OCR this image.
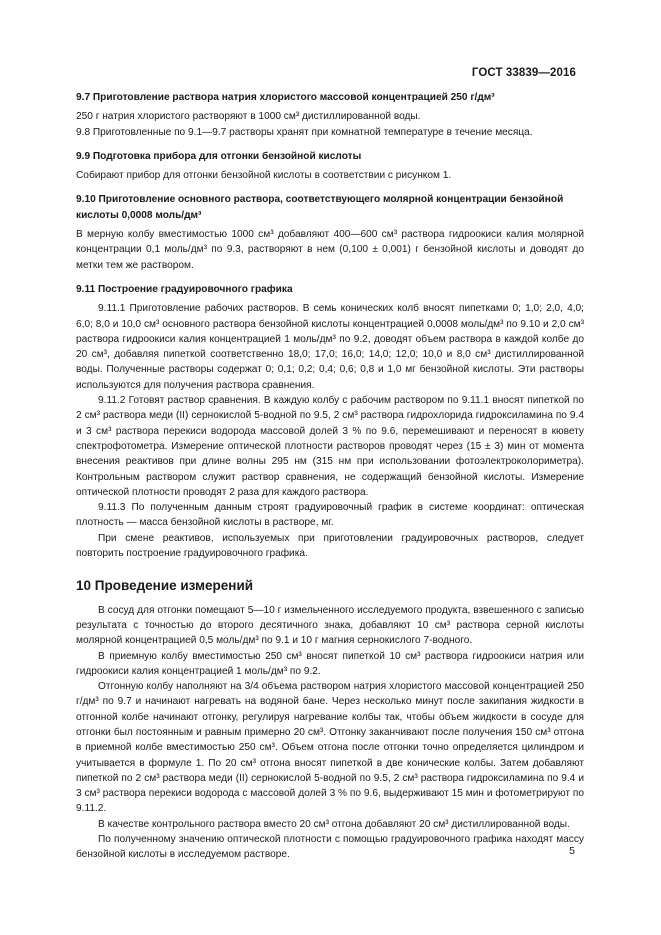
ГОСТ 33839—2016

9.7 Приготовление раствора натрия хлористого массовой концентрацией 250 г/дм³

250 г натрия хлористого растворяют в 1000 см³ дистиллированной воды.

9.8 Приготовленные по 9.1—9.7 растворы хранят при комнатной температуре в течение месяца.

9.9 Подготовка прибора для отгонки бензойной кислоты

Собирают прибор для отгонки бензойной кислоты в соответствии с рисунком 1.

9.10 Приготовление основного раствора, соответствующего молярной концентрации бензойной кислоты 0,0008 моль/дм³

В мерную колбу вместимостью 1000 см³ добавляют 400—600 см³ раствора гидроокиси калия молярной концентрации 0,1 моль/дм³ по 9.3, растворяют в нем (0,100 ± 0,001) г бензойной кислоты и доводят до метки тем же раствором.

9.11 Построение градуировочного графика

9.11.1 Приготовление рабочих растворов. В семь конических колб вносят пипетками 0; 1,0; 2,0, 4,0; 6,0; 8,0 и 10,0 см³ основного раствора бензойной кислоты концентрацией 0,0008 моль/дм³ по 9.10 и 2,0 см³ раствора гидроокиси калия концентрацией 1 моль/дм³ по 9.2, доводят объем раствора в каждой колбе до 20 см³, добавляя пипеткой соответственно 18,0; 17,0; 16,0; 14,0; 12,0; 10,0 и 8,0 см³ дистиллированной воды. Полученные растворы содержат 0; 0,1; 0,2; 0,4; 0,6; 0,8 и 1,0 мг бензойной кислоты. Эти растворы используются для получения раствора сравнения.

9.11.2 Готовят раствор сравнения. В каждую колбу с рабочим раствором по 9.11.1 вносят пипеткой по 2 см³ раствора меди (II) сернокислой 5-водной по 9.5, 2 см³ раствора гидрохлорида гидроксиламина по 9.4 и 3 см³ раствора перекиси водорода массовой долей 3 % по 9.6, перемешивают и переносят в кювету спектрофотометра. Измерение оптической плотности растворов проводят через (15 ± 3) мин от момента внесения реактивов при длине волны 295 нм (315 нм при использовании фотоэлектроколориметра). Контрольным раствором служит раствор сравнения, не содержащий бензойной кислоты. Измерение оптической плотности проводят 2 раза для каждого раствора.

9.11.3 По полученным данным строят градуировочный график в системе координат: оптическая плотность — масса бензойной кислоты в растворе, мг.

При смене реактивов, используемых при приготовлении градуировочных растворов, следует повторить построение градуировочного графика.

10 Проведение измерений

В сосуд для отгонки помещают 5—10 г измельченного исследуемого продукта, взвешенного с записью результата с точностью до второго десятичного знака, добавляют 10 см³ раствора серной кислоты молярной концентрацией 0,5 моль/дм³ по 9.1 и 10 г магния сернокислого 7-водного.

В приемную колбу вместимостью 250 см³ вносят пипеткой 10 см³ раствора гидроокиси натрия или гидроокиси калия концентрацией 1 моль/дм³ по 9.2.

Отгонную колбу наполняют на 3/4 объема раствором натрия хлористого массовой концентрацией 250 г/дм³ по 9.7 и начинают нагревать на водяной бане. Через несколько минут после закипания жидкости в отгонной колбе начинают отгонку, регулируя нагревание колбы так, чтобы объем жидкости в сосуде для отгонки был постоянным и равным примерно 20 см³. Отгонку заканчивают после получения 150 см³ отгона в приемной колбе вместимостью 250 см³. Объем отгона после отгонки точно определяется цилиндром и учитывается в формуле 1. По 20 см³ отгона вносят пипеткой в две конические колбы. Затем добавляют пипеткой по 2 см³ раствора меди (II) сернокислой 5-водной по 9.5, 2 см³ раствора гидроксиламина по 9.4 и 3 см³ раствора перекиси водорода с массовой долей 3 % по 9.6, выдерживают 15 мин и фотометрируют по 9.11.2.

В качестве контрольного раствора вместо 20 см³ отгона добавляют 20 см³ дистиллированной воды.

По полученному значению оптической плотности с помощью градуировочного графика находят массу бензойной кислоты в исследуемом растворе.	5
